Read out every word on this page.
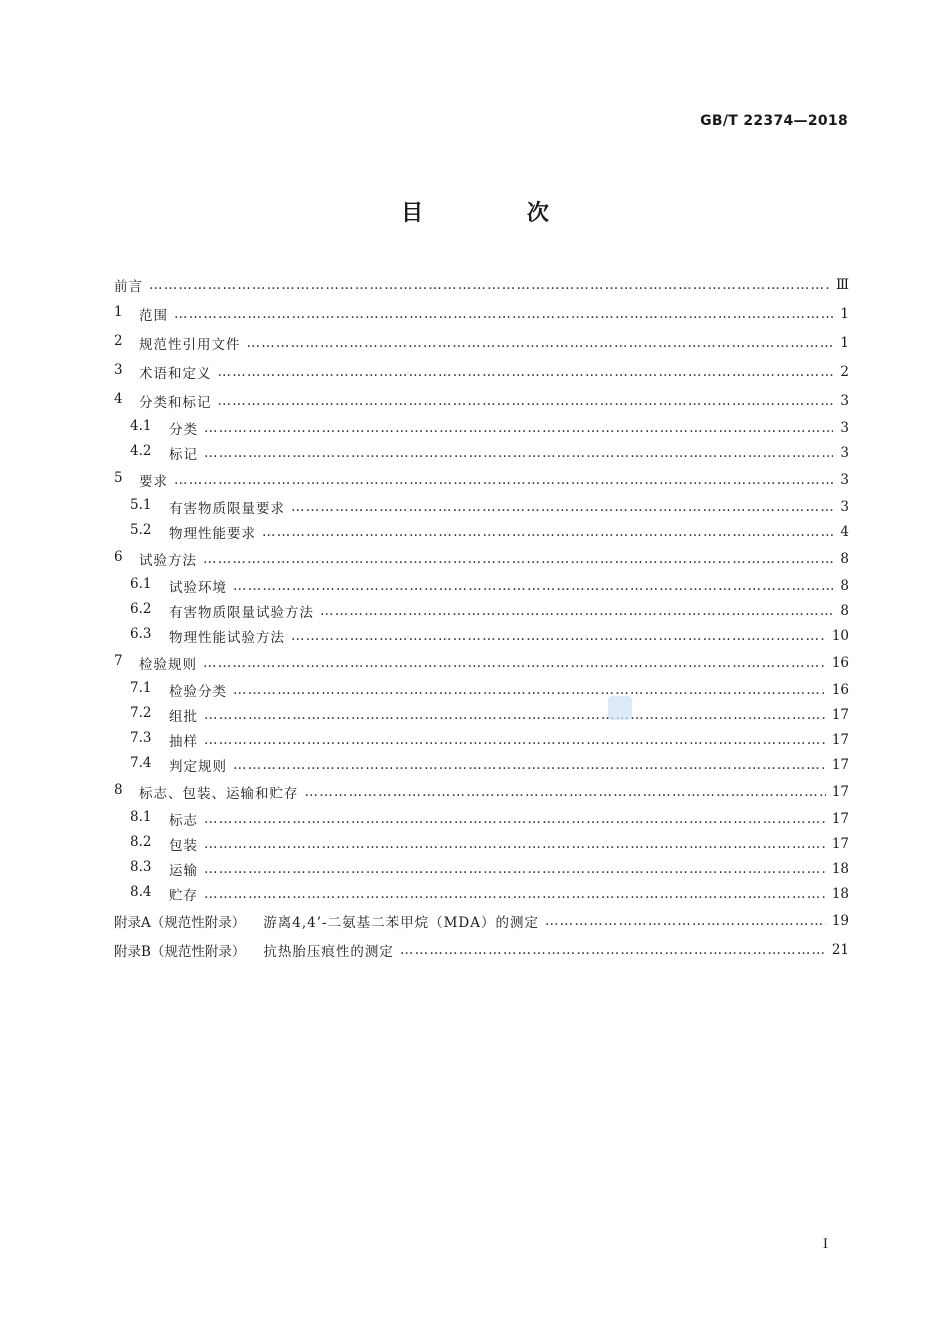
GB/T 22374—2018
目 次
前言 ………………………………………………………………………………………………………………………………………………………………………………………………………………………………………………………………………………	Ⅲ
1	范围 ………………………………………………………………………………………………………………………………………………………………………………………………………………………………………………………………………………	1
2	规范性引用文件 ………………………………………………………………………………………………………………………………………………………………………………………………………………………………………………………………………………	1
3	术语和定义 ………………………………………………………………………………………………………………………………………………………………………………………………………………………………………………………………………………	2
4	分类和标记 ………………………………………………………………………………………………………………………………………………………………………………………………………………………………………………………………………………	3
4.1	分类 ………………………………………………………………………………………………………………………………………………………………………………………………………………………………………………………………………………	3
4.2	标记 ………………………………………………………………………………………………………………………………………………………………………………………………………………………………………………………………………………	3
5	要求 ………………………………………………………………………………………………………………………………………………………………………………………………………………………………………………………………………………	3
5.1	有害物质限量要求 ………………………………………………………………………………………………………………………………………………………………………………………………………………………………………………………………………………	3
5.2	物理性能要求 ………………………………………………………………………………………………………………………………………………………………………………………………………………………………………………………………………………	4
6	试验方法 ………………………………………………………………………………………………………………………………………………………………………………………………………………………………………………………………………………	8
6.1	试验环境 ………………………………………………………………………………………………………………………………………………………………………………………………………………………………………………………………………………	8
6.2	有害物质限量试验方法 ………………………………………………………………………………………………………………………………………………………………………………………………………………………………………………………………………………	8
6.3	物理性能试验方法 ………………………………………………………………………………………………………………………………………………………………………………………………………………………………………………………………………………	10
7	检验规则 ………………………………………………………………………………………………………………………………………………………………………………………………………………………………………………………………………………	16
7.1	检验分类 ………………………………………………………………………………………………………………………………………………………………………………………………………………………………………………………………………………	16
7.2	组批 ………………………………………………………………………………………………………………………………………………………………………………………………………………………………………………………………………………	17
7.3	抽样 ………………………………………………………………………………………………………………………………………………………………………………………………………………………………………………………………………………	17
7.4	判定规则 ………………………………………………………………………………………………………………………………………………………………………………………………………………………………………………………………………………	17
8	标志、包装、运输和贮存 ………………………………………………………………………………………………………………………………………………………………………………………………………………………………………………………………………………	17
8.1	标志 ………………………………………………………………………………………………………………………………………………………………………………………………………………………………………………………………………………	17
8.2	包装 ………………………………………………………………………………………………………………………………………………………………………………………………………………………………………………………………………………	17
8.3	运输 ………………………………………………………………………………………………………………………………………………………………………………………………………………………………………………………………………………	18
8.4	贮存 ………………………………………………………………………………………………………………………………………………………………………………………………………………………………………………………………………………	18
附录A（规范性附录） 游离4,4’-二氨基二苯甲烷（MDA）的测定 ………………………………………………………………………………………………………………………………………………………………………………………………………………………………………………………………………………	19
附录B（规范性附录） 抗热胎压痕性的测定 ………………………………………………………………………………………………………………………………………………………………………………………………………………………………………………………………………………	21
I
